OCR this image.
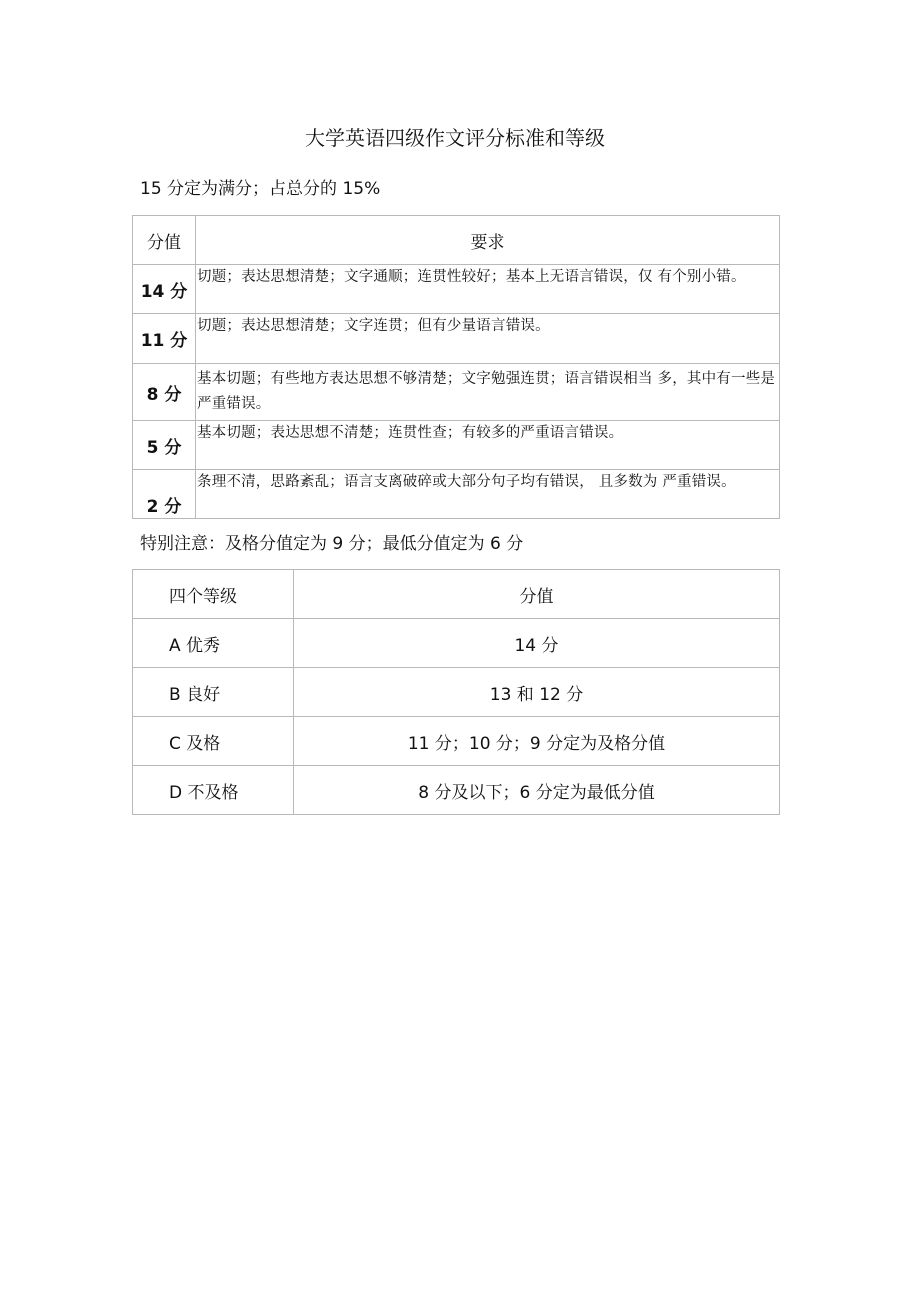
大学英语四级作文评分标准和等级
15 分定为满分；占总分的 15%
分值	要求
14 分	切题；表达思想清楚；文字通顺；连贯性较好；基本上无语言错误，仅 有个别小错。
11 分	切题；表达思想清楚；文字连贯；但有少量语言错误。
8 分	基本切题；有些地方表达思想不够清楚；文字勉强连贯；语言错误相当 多，其中有一些是严重错误。
5 分	基本切题；表达思想不清楚；连贯性查；有较多的严重语言错误。
2 分	条理不清，思路紊乱；语言支离破碎或大部分句子均有错误， 且多数为 严重错误。
特别注意：及格分值定为 9 分；最低分值定为 6 分
四个等级	分值
A 优秀	14 分
B 良好	13 和 12 分
C 及格	11 分；10 分；9 分定为及格分值
D 不及格	8 分及以下；6 分定为最低分值
